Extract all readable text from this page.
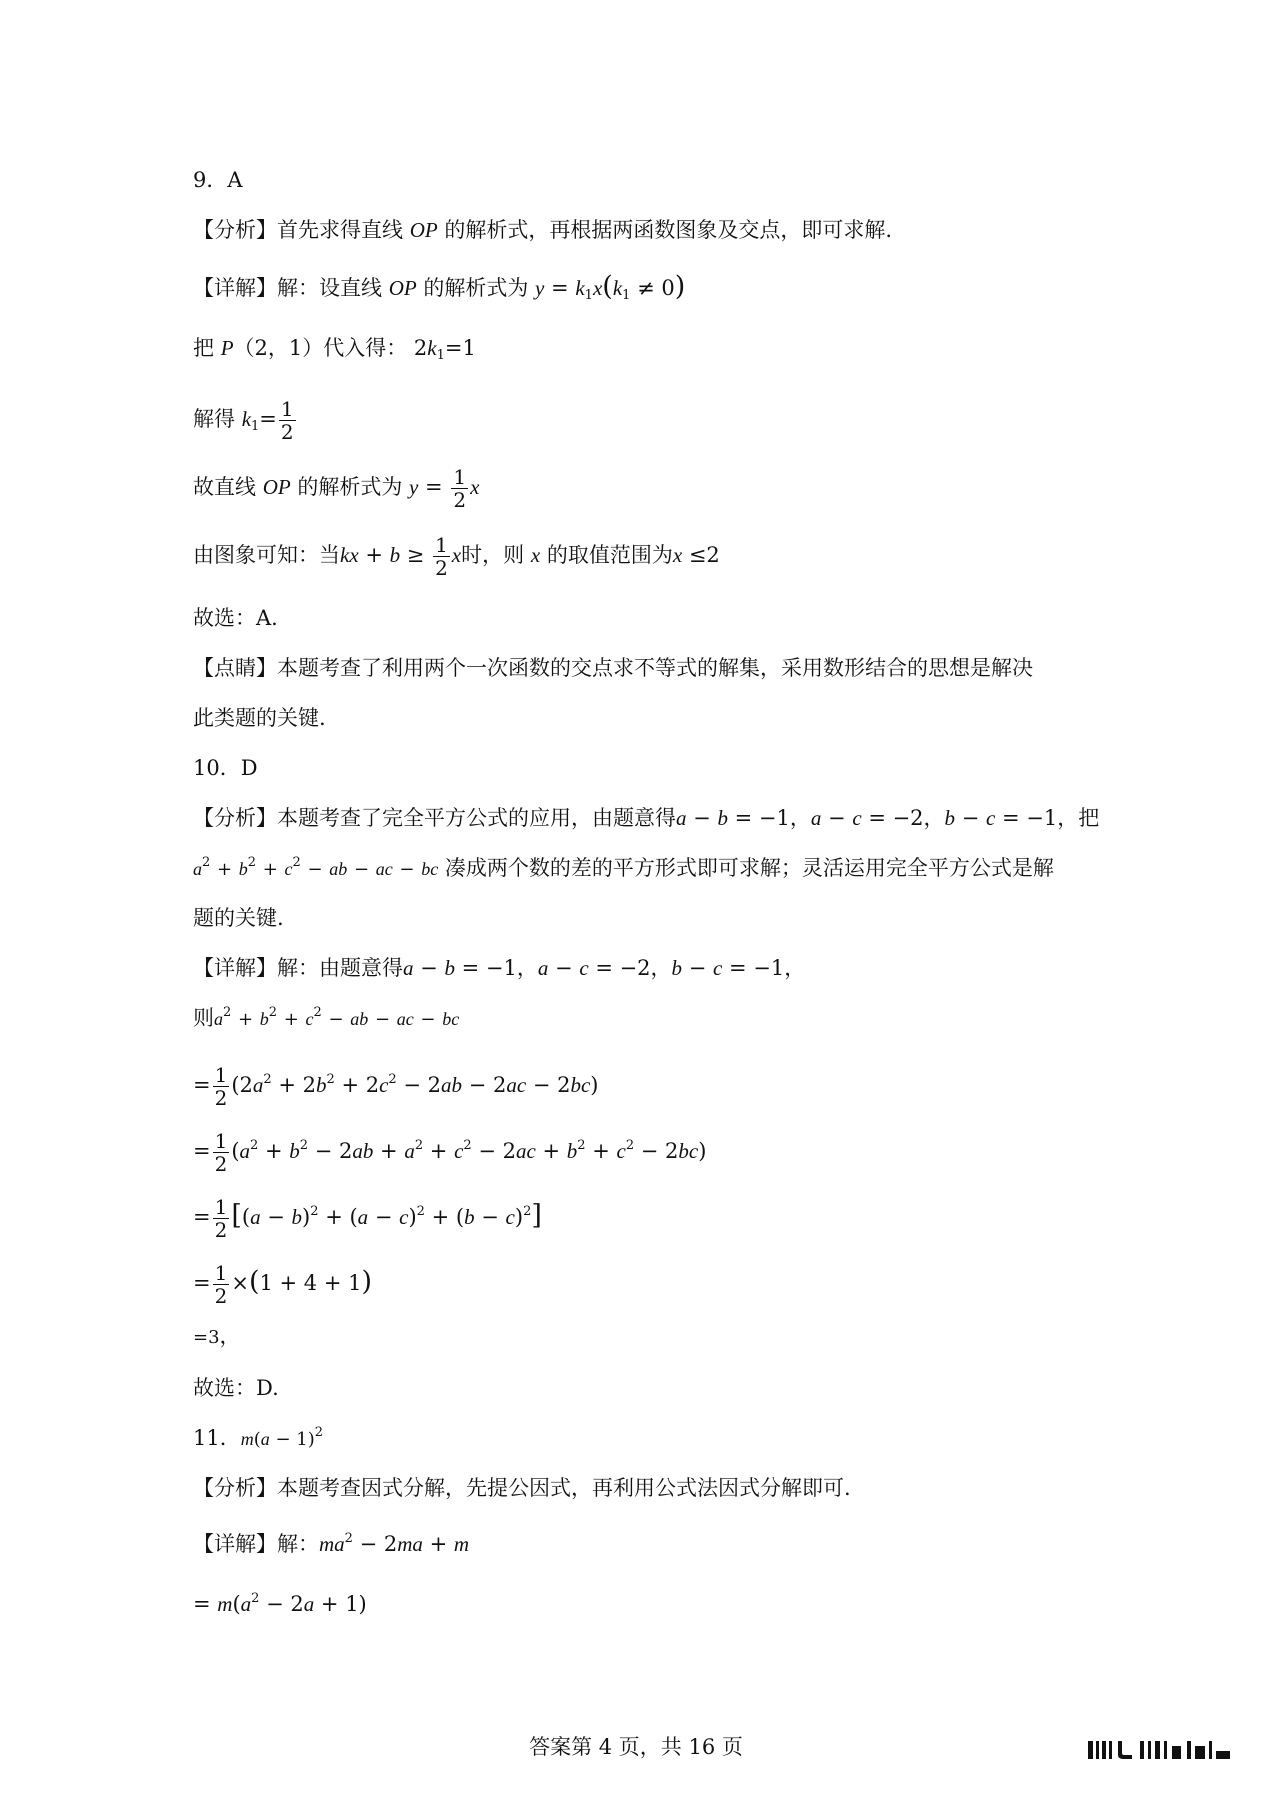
9．A
【分析】首先求得直线 OP 的解析式，再根据两函数图象及交点，即可求解.
【详解】解：设直线 OP 的解析式为 $y = k_1x(k_1 \ne 0)$
把 P（2，1）代入得： $2k_1=1$
解得 $k_1= \frac{1}{2}$
故直线 OP 的解析式为 $y = \frac{1}{2}$ x
由图象可知：当kx + $b \ge \frac{1}{2}$ x时，则 x 的取值范围为x ≤2
故选：A.
【点睛】本题考查了利用两个一次函数的交点求不等式的解集，采用数形结合的思想是解决
此类题的关键.
10．D
【分析】本题考查了完全平方公式的应用，由题意得a − b = −1，a − c = −2，b − c = −1，把
$a^2 + b^2 + c^2$ − ab − ac − bc 凑成两个数的差的平方形式即可求解；灵活运用完全平方公式是解
题的关键.
【详解】解：由题意得a − b = −1，a − c = −2，b − c = −1，
则$a^2 + b^2 + c^2$ − ab − ac − bc
= $\frac{1}{2} (2a^2 + 2b^2 + 2c^2 - 2ab - 2ac - 2bc)$
= $\frac{1}{2} (a^2 + b^2 - 2ab + a^2 + c^2 - 2ac + b^2 + c^2 - 2bc)$
= $\frac{1}{2} [(a - b)^2 + (a - c)^2 + (b - c)^2]$
= $\frac{1}{2} \times(1 + 4 + 1)$
=3，
故选：D.
11．$m(a - 1)^2$
【分析】本题考查因式分解，先提公因式，再利用公式法因式分解即可.
【详解】解：$ma^2 - 2ma + m$
= $m(a^2 - 2a + 1)$
答案第 4 页，共 16 页
